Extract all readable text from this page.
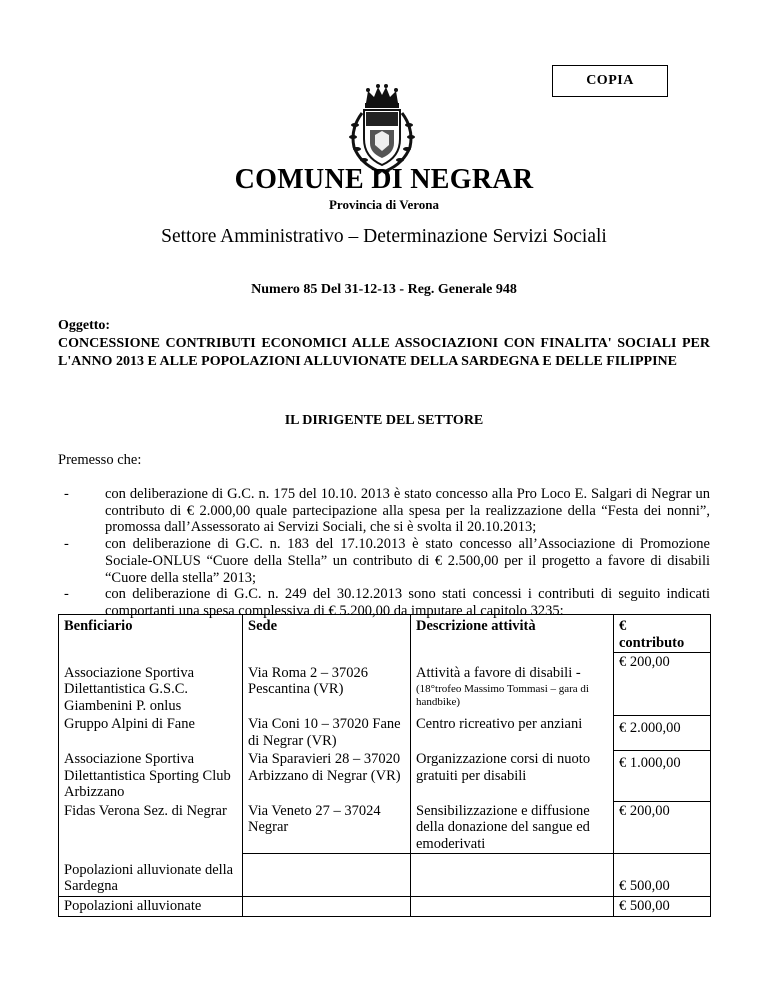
COPIA
COMUNE DI NEGRAR
Provincia di Verona
Settore Amministrativo – Determinazione Servizi Sociali
Numero 85 Del 31-12-13 - Reg. Generale 948
Oggetto:
CONCESSIONE CONTRIBUTI ECONOMICI ALLE ASSOCIAZIONI CON FINALITA' SOCIALI PER L'ANNO 2013 E ALLE POPOLAZIONI ALLUVIONATE DELLA SARDEGNA E DELLE FILIPPINE
IL DIRIGENTE DEL SETTORE
Premesso che:
- con deliberazione di G.C. n. 175 del 10.10. 2013 è stato concesso alla Pro Loco E. Salgari di Negrar un contributo di € 2.000,00 quale partecipazione alla spesa per la realizzazione della “Festa dei nonni”, promossa dall’Assessorato ai Servizi Sociali, che si è svolta il 20.10.2013;
- con deliberazione di G.C. n. 183 del 17.10.2013 è stato concesso all’Associazione di Promozione Sociale-ONLUS “Cuore della Stella” un contributo di € 2.500,00 per il progetto a favore di disabili “Cuore della stella” 2013;
- con deliberazione di G.C. n. 249 del 30.12.2013 sono stati concessi i contributi di seguito indicati comportanti una spesa complessiva di € 5.200,00 da imputare al capitolo 3235:
Benficiario	Sede	Descrizione attività	€
contributo
Associazione Sportiva Dilettantistica G.S.C. Giambenini P. onlus	Via Roma 2 – 37026 Pescantina (VR)	Attività a favore di disabili -
(18°trofeo Massimo Tommasi – gara di handbike)	€ 200,00
Gruppo Alpini di Fane	Via Coni 10 – 37020 Fane di Negrar (VR)	Centro ricreativo per anziani	€ 2.000,00
Associazione Sportiva Dilettantistica Sporting Club Arbizzano	Via Sparavieri 28 – 37020 Arbizzano di Negrar (VR)	Organizzazione corsi di nuoto gratuiti per disabili	€ 1.000,00
Fidas Verona Sez. di Negrar	Via Veneto 27 – 37024 Negrar	Sensibilizzazione e diffusione della donazione del sangue ed emoderivati	€ 200,00
Popolazioni alluvionate della Sardegna			€ 500,00
Popolazioni alluvionate			€ 500,00
